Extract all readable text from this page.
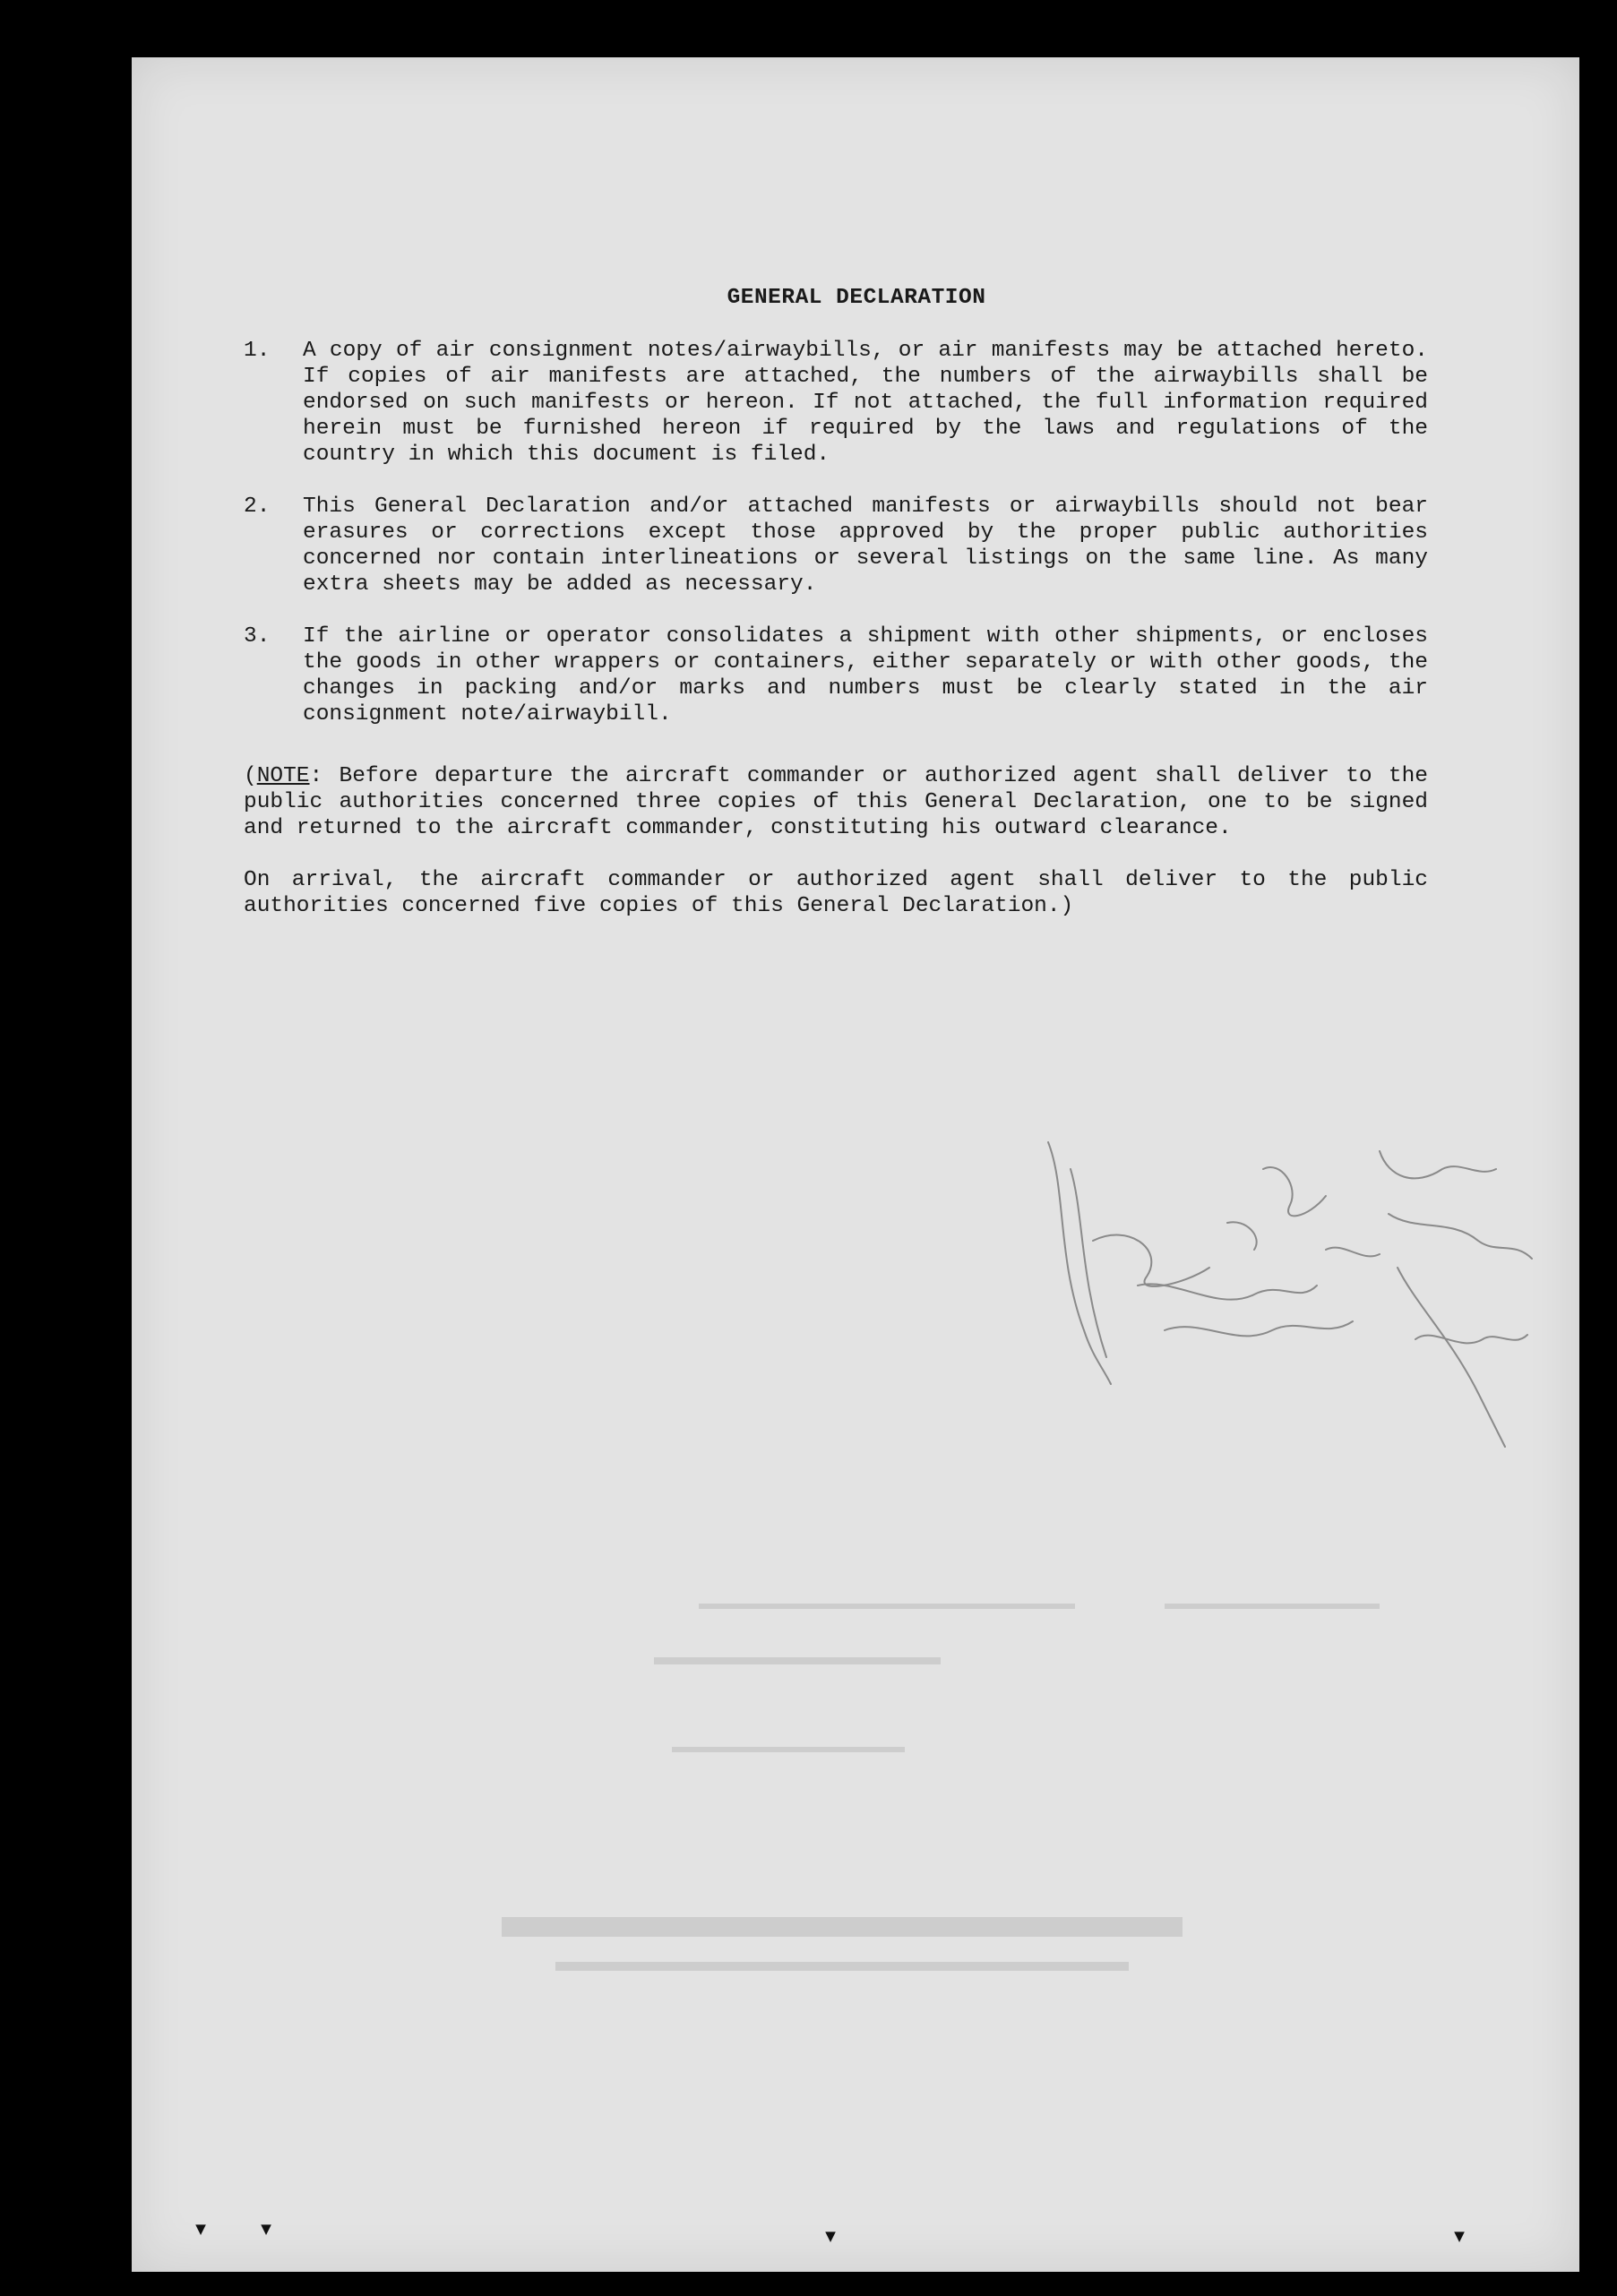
GENERAL DECLARATION
1.	A copy of air consignment notes/airwaybills, or air manifests may be attached hereto. If copies of air manifests are attached, the numbers of the airwaybills shall be endorsed on such manifests or hereon. If not attached, the full information required herein must be furnished hereon if required by the laws and regulations of the country in which this document is filed.
2.	This General Declaration and/or attached manifests or airwaybills should not bear erasures or corrections except those approved by the proper public authorities concerned nor contain interlineations or several listings on the same line. As many extra sheets may be added as necessary.
3.	If the airline or operator consolidates a shipment with other shipments, or encloses the goods in other wrappers or containers, either separately or with other goods, the changes in packing and/or marks and numbers must be clearly stated in the air consignment note/airwaybill.

(NOTE: Before departure the aircraft commander or authorized agent shall deliver to the public authorities concerned three copies of this General Declaration, one to be signed and returned to the aircraft commander, constituting his outward clearance.

On arrival, the aircraft commander or authorized agent shall deliver to the public authorities concerned five copies of this General Declaration.)

▾ ▾	▾	▾
